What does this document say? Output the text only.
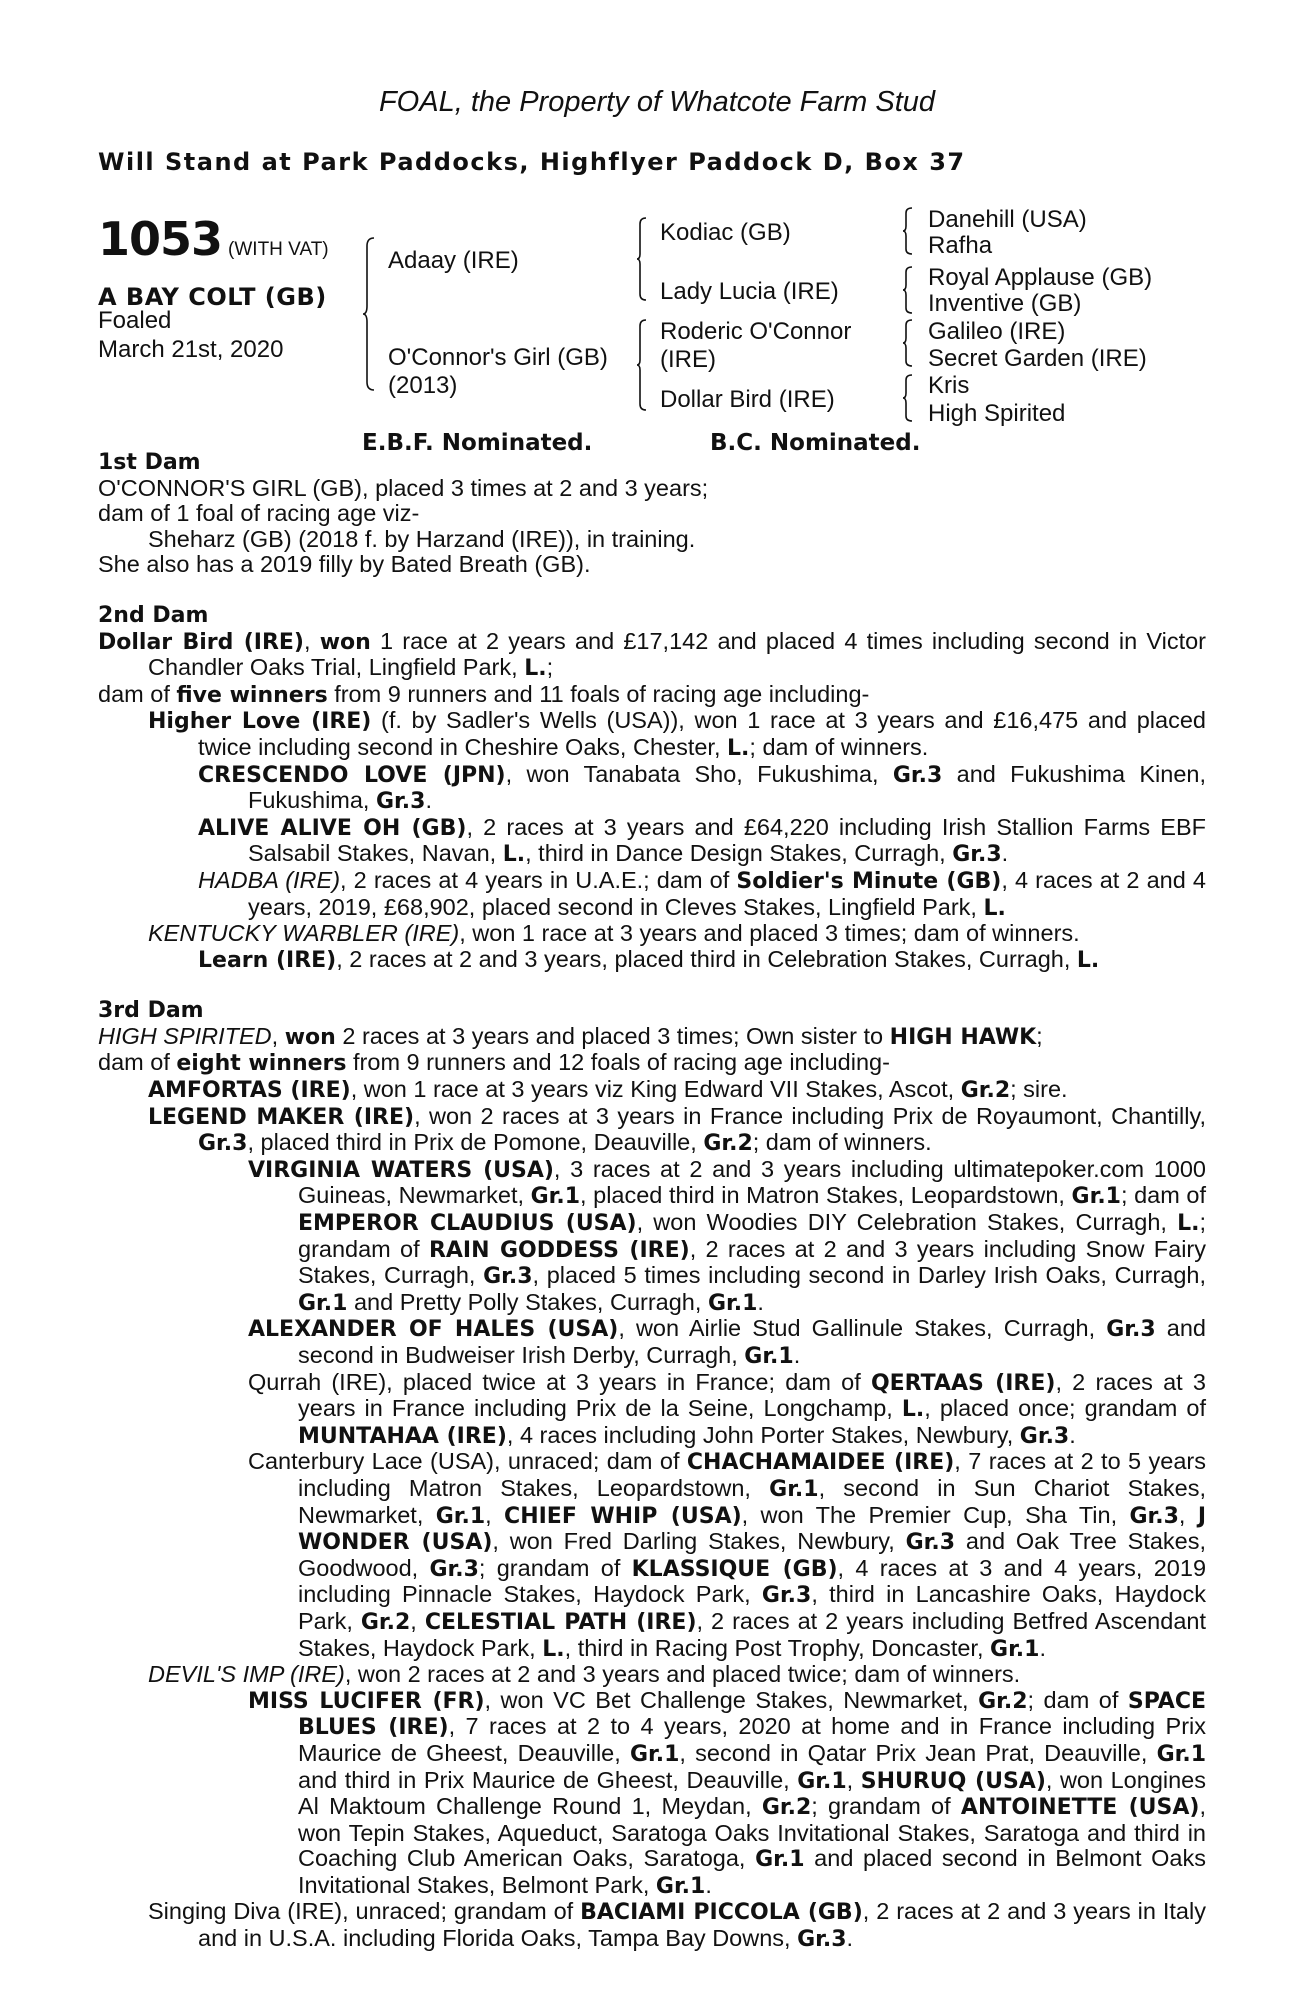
FOAL, the Property of Whatcote Farm Stud
Will Stand at Park Paddocks, Highflyer Paddock D, Box 37
1053 (WITH VAT)
A BAY COLT (GB)
Foaled
March 21st, 2020
Adaay (IRE)
O'Connor's Girl (GB)
(2013)
Kodiac (GB)
Lady Lucia (IRE)
Roderic O'Connor
(IRE)
Dollar Bird (IRE)
Danehill (USA)
Rafha
Royal Applause (GB)
Inventive (GB)
Galileo (IRE)
Secret Garden (IRE)
Kris
High Spirited
E.B.F. Nominated.	B.C. Nominated.
1st Dam
O'CONNOR'S GIRL (GB), placed 3 times at 2 and 3 years;
dam of 1 foal of racing age viz-
Sheharz (GB) (2018 f. by Harzand (IRE)), in training.
She also has a 2019 filly by Bated Breath (GB).
2nd Dam
Dollar Bird (IRE), won 1 race at 2 years and £17,142 and placed 4 times including second in Victor Chandler Oaks Trial, Lingfield Park, L.;
dam of five winners from 9 runners and 11 foals of racing age including-
Higher Love (IRE) (f. by Sadler's Wells (USA)), won 1 race at 3 years and £16,475 and placed twice including second in Cheshire Oaks, Chester, L.; dam of winners.
CRESCENDO LOVE (JPN), won Tanabata Sho, Fukushima, Gr.3 and Fukushima Kinen, Fukushima, Gr.3.
ALIVE ALIVE OH (GB), 2 races at 3 years and £64,220 including Irish Stallion Farms EBF Salsabil Stakes, Navan, L., third in Dance Design Stakes, Curragh, Gr.3.
HADBA (IRE), 2 races at 4 years in U.A.E.; dam of Soldier's Minute (GB), 4 races at 2 and 4 years, 2019, £68,902, placed second in Cleves Stakes, Lingfield Park, L.
KENTUCKY WARBLER (IRE), won 1 race at 3 years and placed 3 times; dam of winners.
Learn (IRE), 2 races at 2 and 3 years, placed third in Celebration Stakes, Curragh, L.
3rd Dam
HIGH SPIRITED, won 2 races at 3 years and placed 3 times; Own sister to HIGH HAWK;
dam of eight winners from 9 runners and 12 foals of racing age including-
AMFORTAS (IRE), won 1 race at 3 years viz King Edward VII Stakes, Ascot, Gr.2; sire.
LEGEND MAKER (IRE), won 2 races at 3 years in France including Prix de Royaumont, Chantilly, Gr.3, placed third in Prix de Pomone, Deauville, Gr.2; dam of winners.
VIRGINIA WATERS (USA), 3 races at 2 and 3 years including ultimatepoker.com 1000 Guineas, Newmarket, Gr.1, placed third in Matron Stakes, Leopardstown, Gr.1; dam of EMPEROR CLAUDIUS (USA), won Woodies DIY Celebration Stakes, Curragh, L.; grandam of RAIN GODDESS (IRE), 2 races at 2 and 3 years including Snow Fairy Stakes, Curragh, Gr.3, placed 5 times including second in Darley Irish Oaks, Curragh, Gr.1 and Pretty Polly Stakes, Curragh, Gr.1.
ALEXANDER OF HALES (USA), won Airlie Stud Gallinule Stakes, Curragh, Gr.3 and second in Budweiser Irish Derby, Curragh, Gr.1.
Qurrah (IRE), placed twice at 3 years in France; dam of QERTAAS (IRE), 2 races at 3 years in France including Prix de la Seine, Longchamp, L., placed once; grandam of MUNTAHAA (IRE), 4 races including John Porter Stakes, Newbury, Gr.3.
Canterbury Lace (USA), unraced; dam of CHACHAMAIDEE (IRE), 7 races at 2 to 5 years including Matron Stakes, Leopardstown, Gr.1, second in Sun Chariot Stakes, Newmarket, Gr.1, CHIEF WHIP (USA), won The Premier Cup, Sha Tin, Gr.3, J WONDER (USA), won Fred Darling Stakes, Newbury, Gr.3 and Oak Tree Stakes, Goodwood, Gr.3; grandam of KLASSIQUE (GB), 4 races at 3 and 4 years, 2019 including Pinnacle Stakes, Haydock Park, Gr.3, third in Lancashire Oaks, Haydock Park, Gr.2, CELESTIAL PATH (IRE), 2 races at 2 years including Betfred Ascendant Stakes, Haydock Park, L., third in Racing Post Trophy, Doncaster, Gr.1.
DEVIL'S IMP (IRE), won 2 races at 2 and 3 years and placed twice; dam of winners.
MISS LUCIFER (FR), won VC Bet Challenge Stakes, Newmarket, Gr.2; dam of SPACE BLUES (IRE), 7 races at 2 to 4 years, 2020 at home and in France including Prix Maurice de Gheest, Deauville, Gr.1, second in Qatar Prix Jean Prat, Deauville, Gr.1 and third in Prix Maurice de Gheest, Deauville, Gr.1, SHURUQ (USA), won Longines Al Maktoum Challenge Round 1, Meydan, Gr.2; grandam of ANTOINETTE (USA), won Tepin Stakes, Aqueduct, Saratoga Oaks Invitational Stakes, Saratoga and third in Coaching Club American Oaks, Saratoga, Gr.1 and placed second in Belmont Oaks Invitational Stakes, Belmont Park, Gr.1.
Singing Diva (IRE), unraced; grandam of BACIAMI PICCOLA (GB), 2 races at 2 and 3 years in Italy and in U.S.A. including Florida Oaks, Tampa Bay Downs, Gr.3.
